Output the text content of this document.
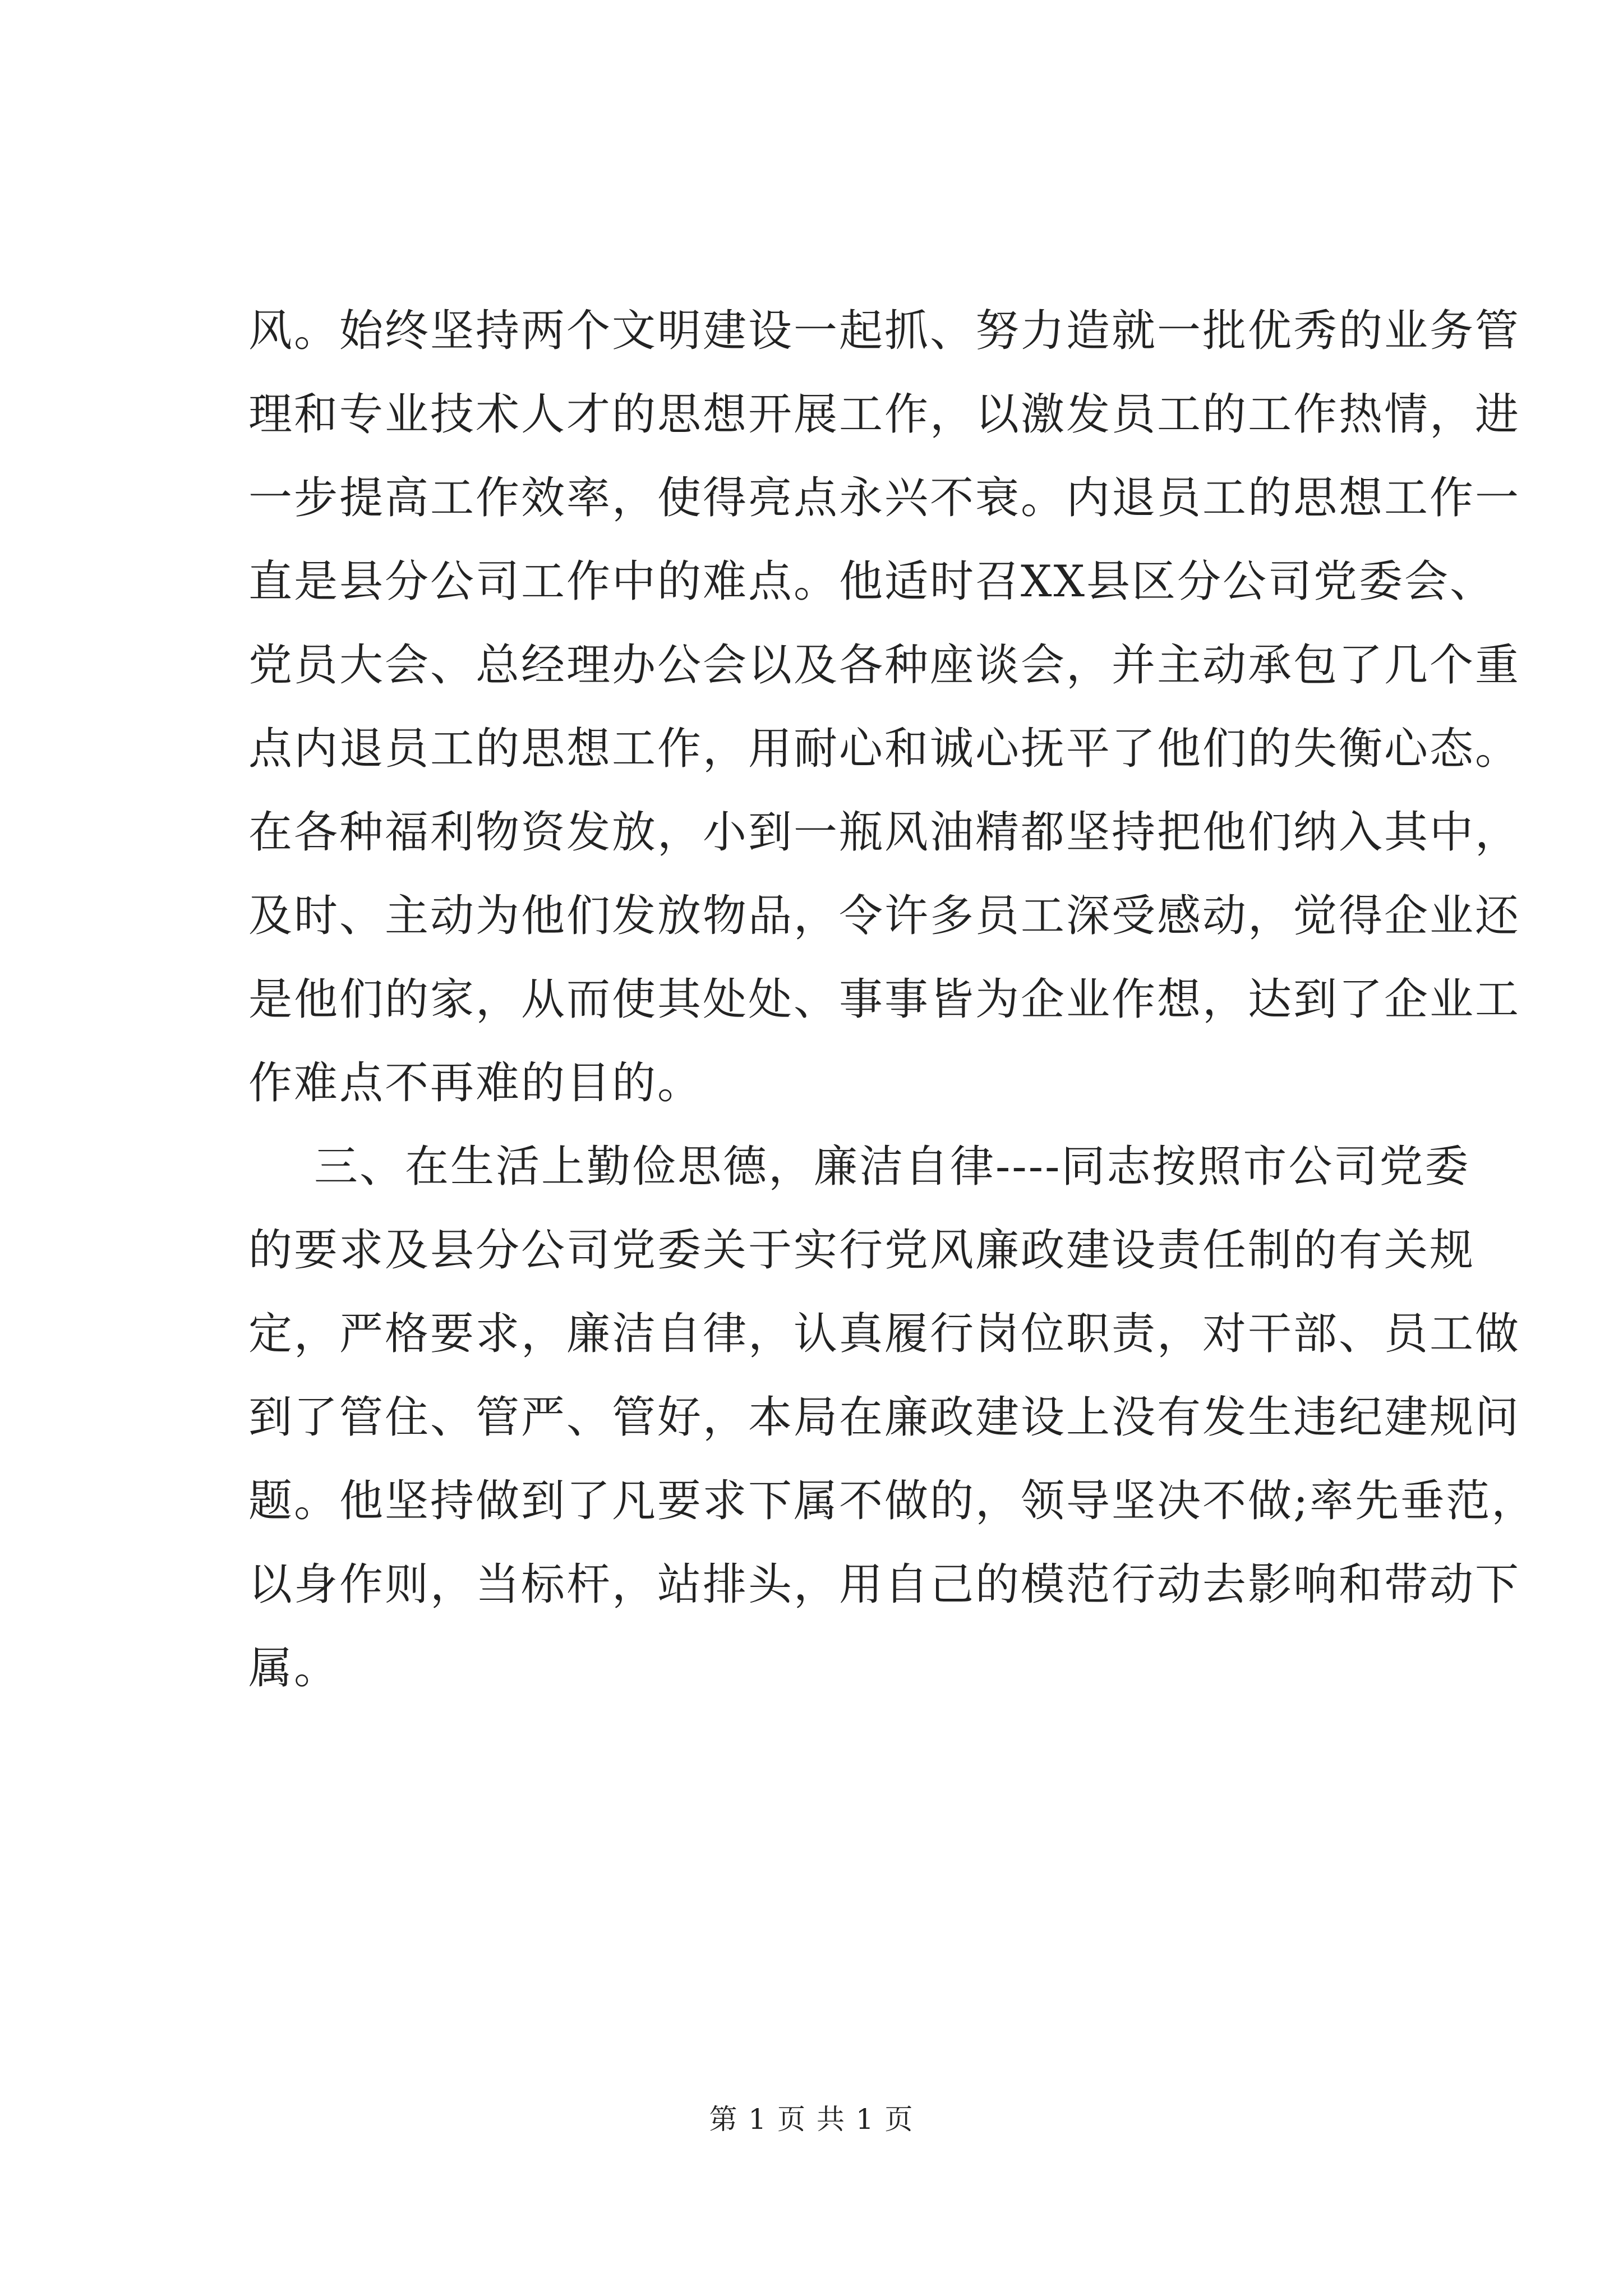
风。始终坚持两个文明建设一起抓、努力造就一批优秀的业务管
理和专业技术人才的思想开展工作，以激发员工的工作热情，进
一步提高工作效率，使得亮点永兴不衰。内退员工的思想工作一
直是县分公司工作中的难点。他适时召XX县区分公司党委会、
党员大会、总经理办公会以及各种座谈会，并主动承包了几个重
点内退员工的思想工作，用耐心和诚心抚平了他们的失衡心态。
在各种福利物资发放，小到一瓶风油精都坚持把他们纳入其中，
及时、主动为他们发放物品，令许多员工深受感动，觉得企业还
是他们的家，从而使其处处、事事皆为企业作想，达到了企业工
作难点不再难的目的。
三、在生活上勤俭思德，廉洁自律----同志按照市公司党委
的要求及县分公司党委关于实行党风廉政建设责任制的有关规
定，严格要求，廉洁自律，认真履行岗位职责，对干部、员工做
到了管住、管严、管好，本局在廉政建设上没有发生违纪建规问
题。他坚持做到了凡要求下属不做的，领导坚决不做;率先垂范，
以身作则，当标杆，站排头，用自己的模范行动去影响和带动下
属。
第 1 页 共 1 页
